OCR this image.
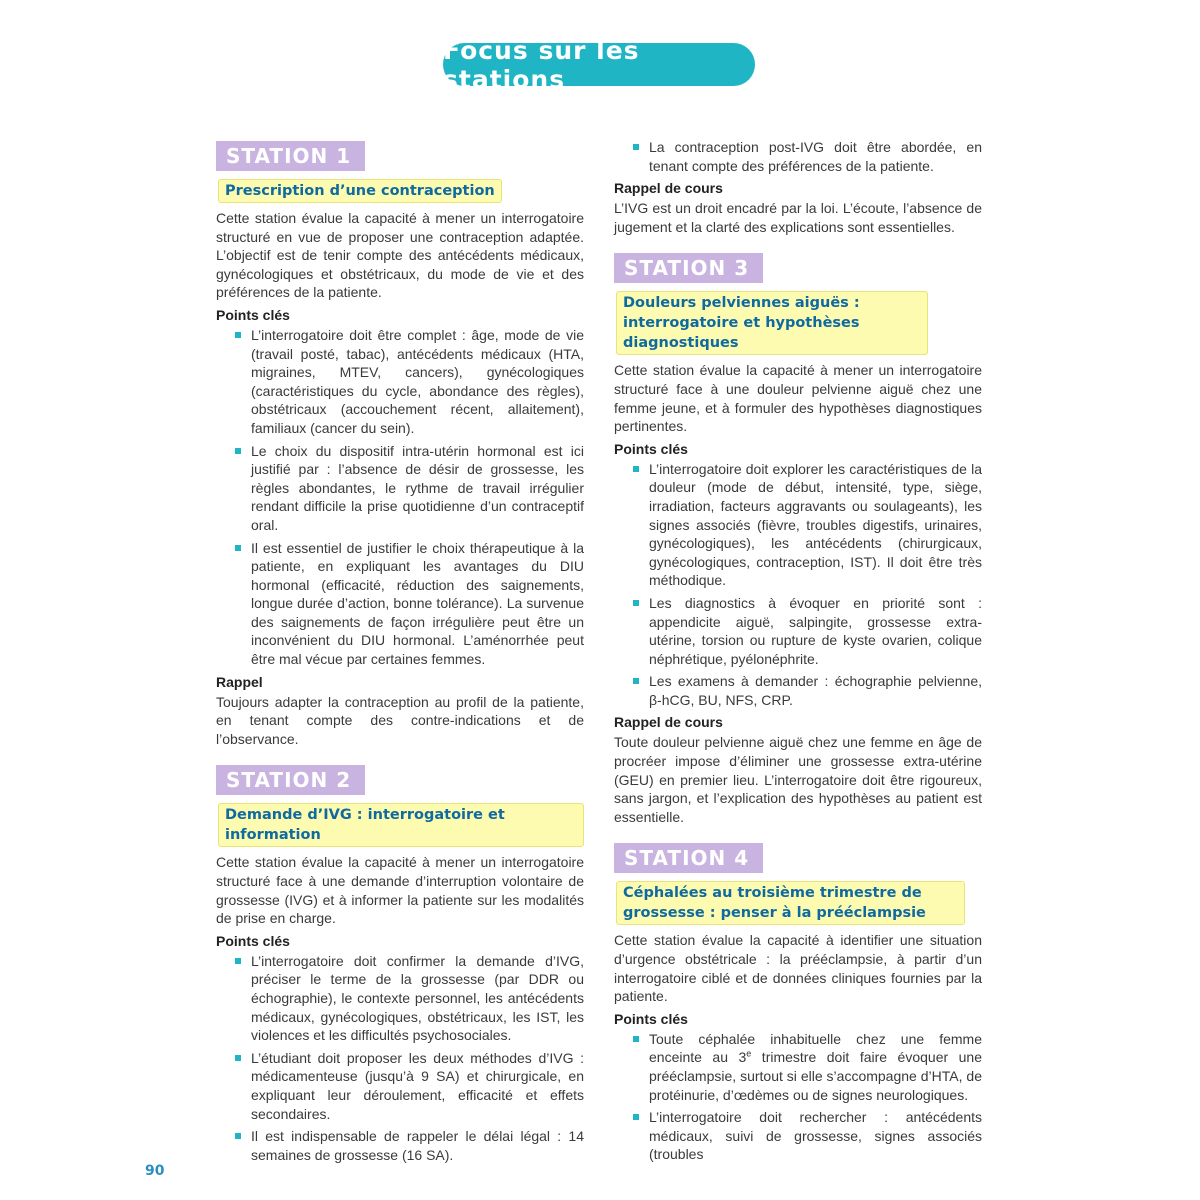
Focus sur les stations
STATION 1
Prescription d’une contraception

Cette station évalue la capacité à mener un interrogatoire structuré en vue de proposer une contraception adaptée. L’objectif est de tenir compte des antécédents médicaux, gynécologiques et obstétricaux, du mode de vie et des préférences de la patiente.

Points clés
L’interrogatoire doit être complet : âge, mode de vie (travail posté, tabac), antécédents médicaux (HTA, migraines, MTEV, cancers), gynécologiques (caractéristiques du cycle, abondance des règles), obstétricaux (accouchement récent, allaitement), familiaux (cancer du sein).
Le choix du dispositif intra-utérin hormonal est ici justifié par : l’absence de désir de grossesse, les règles abondantes, le rythme de travail irrégulier rendant difficile la prise quotidienne d’un contraceptif oral.
Il est essentiel de justifier le choix thérapeutique à la patiente, en expliquant les avantages du DIU hormonal (efficacité, réduction des saignements, longue durée d’action, bonne tolérance). La survenue des saignements de façon irrégulière peut être un inconvénient du DIU hormonal. L’aménorrhée peut être mal vécue par certaines femmes.
Rappel

Toujours adapter la contraception au profil de la patiente, en tenant compte des contre-indications et de l’observance.

STATION 2
Demande d’IVG : interrogatoire et information

Cette station évalue la capacité à mener un interrogatoire structuré face à une demande d’interruption volontaire de grossesse (IVG) et à informer la patiente sur les modalités de prise en charge.

Points clés
L’interrogatoire doit confirmer la demande d’IVG, préciser le terme de la grossesse (par DDR ou échographie), le contexte personnel, les antécédents médicaux, gynécologiques, obstétricaux, les IST, les violences et les difficultés psychosociales.
L’étudiant doit proposer les deux méthodes d’IVG : médicamenteuse (jusqu’à 9 SA) et chirurgicale, en expliquant leur déroulement, efficacité et effets secondaires.
Il est indispensable de rappeler le délai légal : 14 semaines de grossesse (16 SA).
La contraception post-IVG doit être abordée, en tenant compte des préférences de la patiente.
Rappel de cours

L’IVG est un droit encadré par la loi. L’écoute, l’absence de jugement et la clarté des explications sont essentielles.

STATION 3
Douleurs pelviennes aiguës : interrogatoire et hypothèses diagnostiques

Cette station évalue la capacité à mener un interrogatoire structuré face à une douleur pelvienne aiguë chez une femme jeune, et à formuler des hypothèses diagnostiques pertinentes.

Points clés
L’interrogatoire doit explorer les caractéristiques de la douleur (mode de début, intensité, type, siège, irradiation, facteurs aggravants ou soulageants), les signes associés (fièvre, troubles digestifs, urinaires, gynécologiques), les antécédents (chirurgicaux, gynécologiques, contraception, IST). Il doit être très méthodique.
Les diagnostics à évoquer en priorité sont : appendicite aiguë, salpingite, grossesse extra-utérine, torsion ou rupture de kyste ovarien, colique néphrétique, pyélonéphrite.
Les examens à demander : échographie pelvienne, β-hCG, BU, NFS, CRP.
Rappel de cours

Toute douleur pelvienne aiguë chez une femme en âge de procréer impose d’éliminer une grossesse extra-utérine (GEU) en premier lieu. L’interrogatoire doit être rigoureux, sans jargon, et l’explication des hypothèses au patient est essentielle.

STATION 4
Céphalées au troisième trimestre de grossesse : penser à la prééclampsie

Cette station évalue la capacité à identifier une situation d’urgence obstétricale : la prééclampsie, à partir d’un interrogatoire ciblé et de données cliniques fournies par la patiente.

Points clés
Toute céphalée inhabituelle chez une femme enceinte au 3e trimestre doit faire évoquer une prééclampsie, surtout si elle s’accompagne d’HTA, de protéinurie, d’œdèmes ou de signes neurologiques.
L’interrogatoire doit rechercher : antécédents médicaux, suivi de grossesse, signes associés (troubles
90
